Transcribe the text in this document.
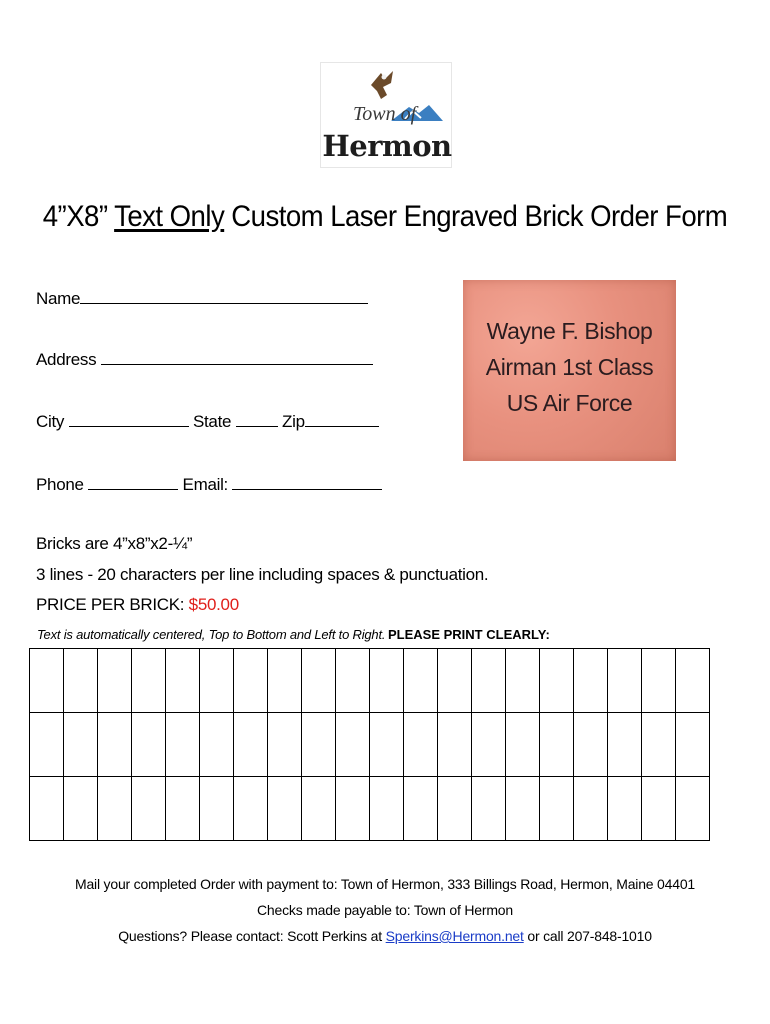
Town of
Hermon
4”X8” Text Only Custom Laser Engraved Brick Order Form
Name
Address
City	State	Zip
Phone	Email:
Wayne F. Bishop
Airman 1st Class
US Air Force
Bricks are 4”x8”x2-¼”
3 lines - 20 characters per line including spaces & punctuation.
PRICE PER BRICK: $50.00
Text is automatically centered, Top to Bottom and Left to Right. PLEASE PRINT CLEARLY:

Mail your completed Order with payment to: Town of Hermon, 333 Billings Road, Hermon, Maine 04401
Checks made payable to: Town of Hermon
Questions? Please contact: Scott Perkins at Sperkins@Hermon.net or call 207-848-1010
